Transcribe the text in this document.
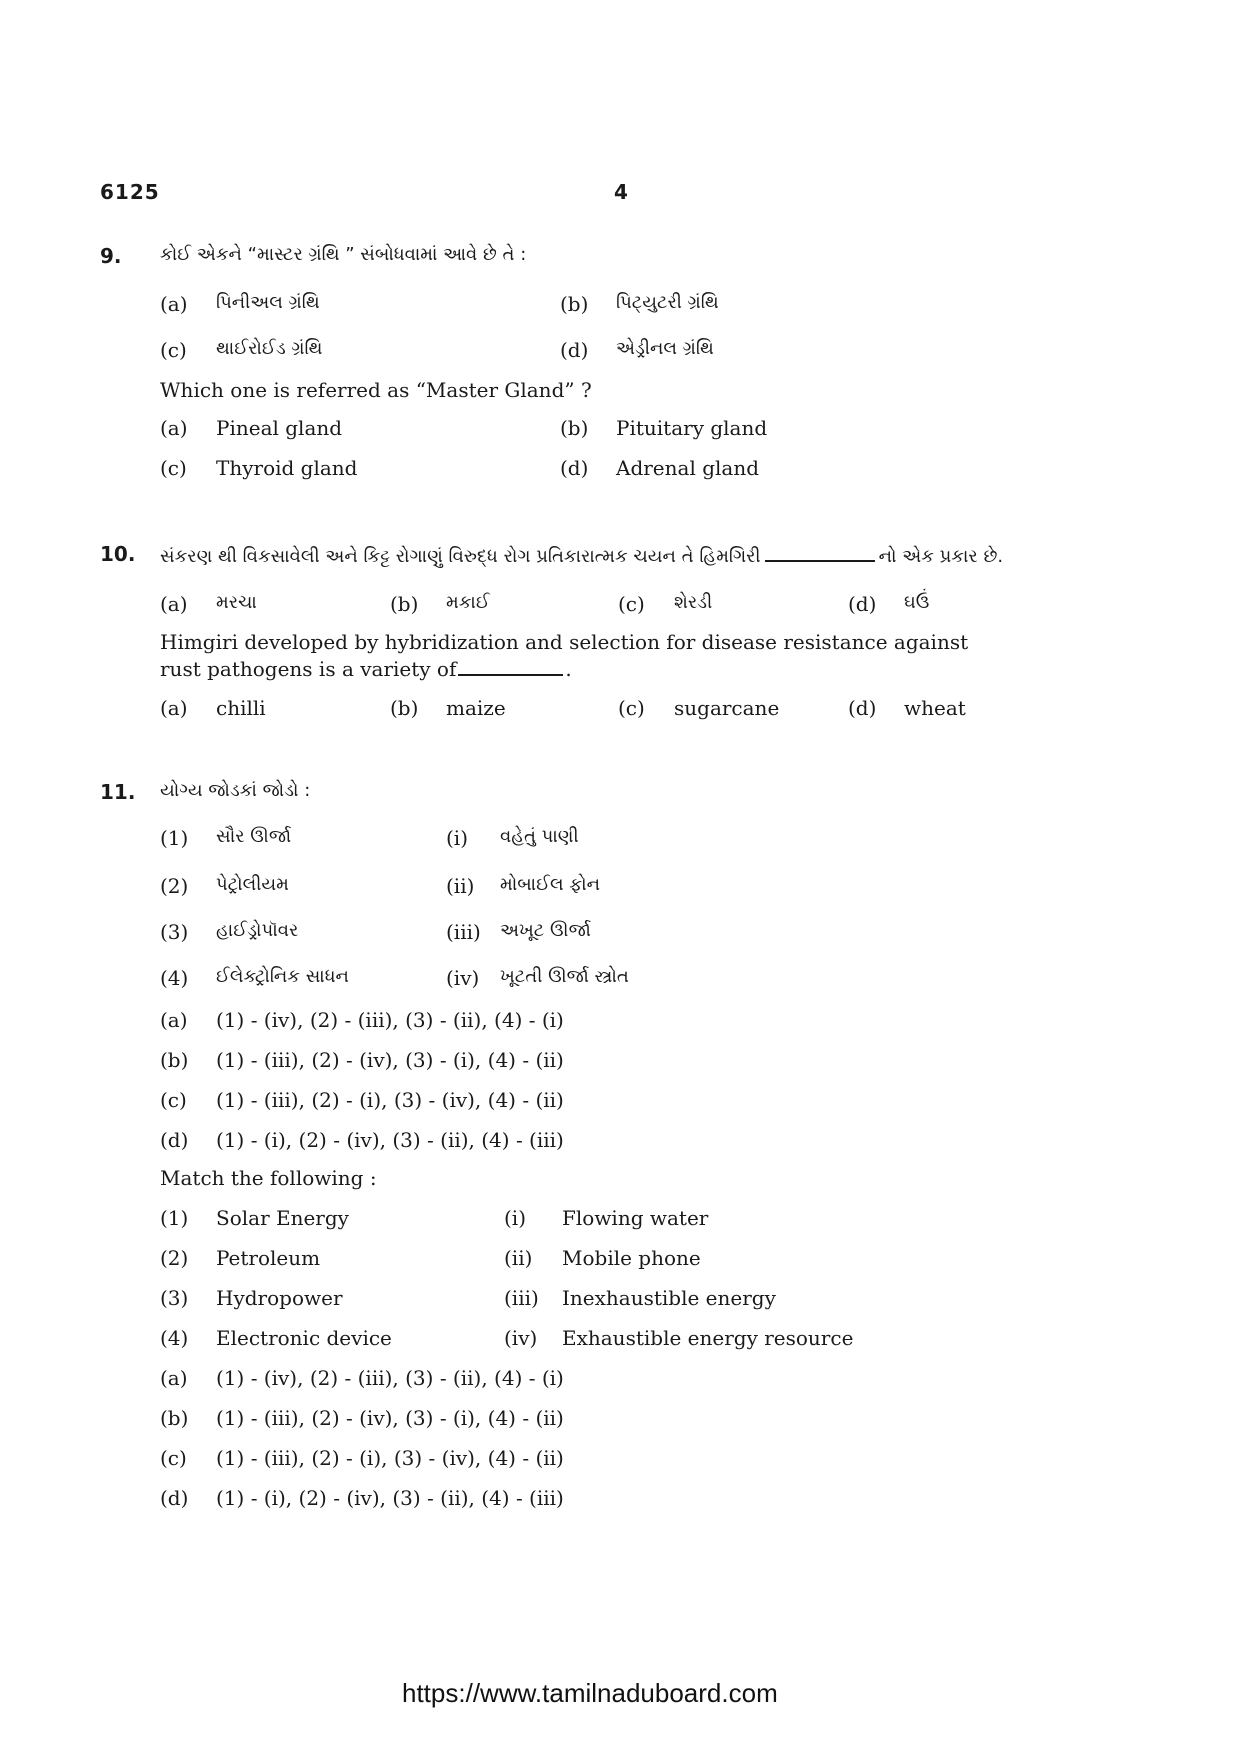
6125	4
9. કોઈ એકને “માસ્ટર ગ્રંથિ ” સંબોધવામાં આવે છે તે :
(a) પિનીઅલ ગ્રંથિ	(b) પિટ્યુટરી ગ્રંથિ
(c) થાઈરોઈડ ગ્રંથિ	(d) એડ્રીનલ ગ્રંથિ
Which one is referred as “Master Gland” ?
(a) Pineal gland	(b) Pituitary gland
(c) Thyroid gland	(d) Adrenal gland
10. સંકરણ થી વિકસાવેલી અને કિટ્ટ રોગાણું વિરુદ્ધ રોગ પ્રતિકારાત્મક ચયન તે હિમગિરી	નો એક પ્રકાર છે.
(a) મરચા	(b) મકાઈ	(c) શેરડી	(d) ઘઉં
Himgiri developed by hybridization and selection for disease resistance against
rust pathogens is a variety of	.
(a) chilli	(b) maize	(c) sugarcane	(d) wheat
11. યોગ્ય જોડકાં જોડો :
(1) સૌર ઊર્જા	(i) વહેતું પાણી
(2) પેટ્રોલીયમ	(ii) મોબાઈલ ફોન
(3) હાઈડ્રોપૉવર	(iii) અખૂટ ઊર્જા
(4) ઈલેક્ટ્રોનિક સાધન	(iv) ખૂટતી ઊર્જા સ્ત્રોત
(a) (1) - (iv), (2) - (iii), (3) - (ii), (4) - (i)
(b) (1) - (iii), (2) - (iv), (3) - (i), (4) - (ii)
(c) (1) - (iii), (2) - (i), (3) - (iv), (4) - (ii)
(d) (1) - (i), (2) - (iv), (3) - (ii), (4) - (iii)
Match the following :
(1) Solar Energy	(i) Flowing water
(2) Petroleum	(ii) Mobile phone
(3) Hydropower	(iii) Inexhaustible energy
(4) Electronic device	(iv) Exhaustible energy resource
(a) (1) - (iv), (2) - (iii), (3) - (ii), (4) - (i)
(b) (1) - (iii), (2) - (iv), (3) - (i), (4) - (ii)
(c) (1) - (iii), (2) - (i), (3) - (iv), (4) - (ii)
(d) (1) - (i), (2) - (iv), (3) - (ii), (4) - (iii)
https://www.tamilnaduboard.com
